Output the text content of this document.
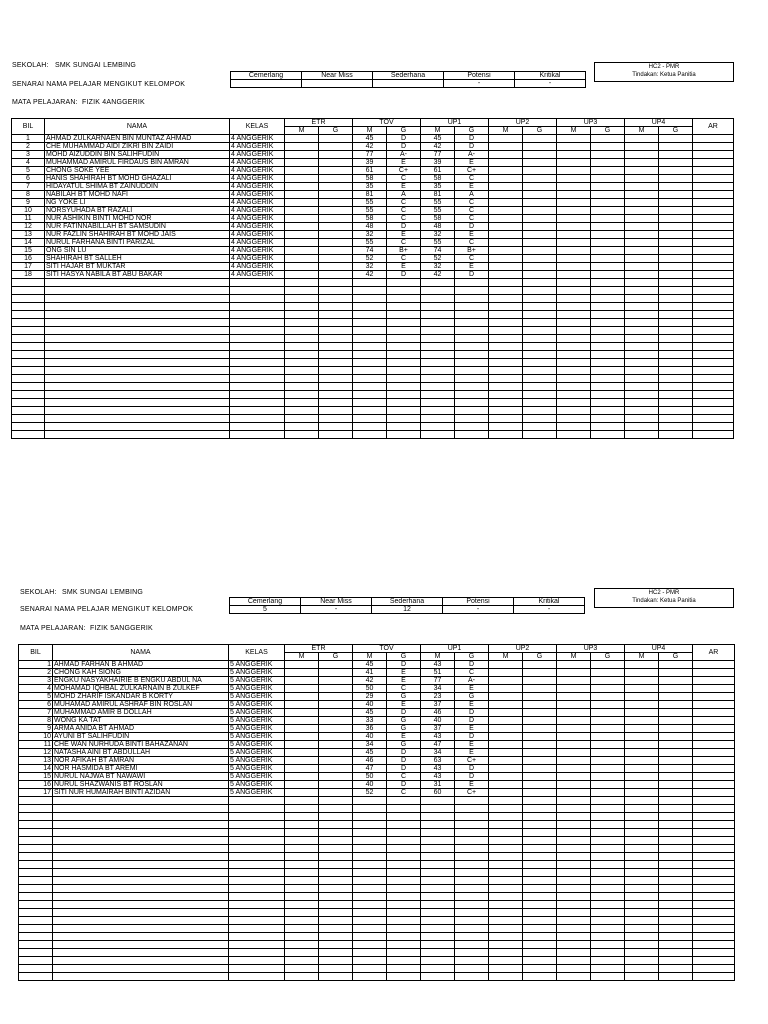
SEKOLAH: SMK SUNGAI LEMBING
SENARAI NAMA PELAJAR MENGIKUT KELOMPOK
MATA PELAJARAN: FIZIK 4ANGGERIK
Cemerlang	Near Miss	Sederhana	Potensi	Kritikal
			-	-
HC2 - PMR
Tindakan: Ketua Panitia
BIL	NAMA	KELAS	ETR		TOV		UP1		UP2		UP3		UP4		AR
			M	G	M	G	M	G	M	G	M	G	M	G	
1	AHMAD ZULKARNAEN BIN MUNTAZ AHMAD	4 ANGGERIK			45	D	45	D							
2	CHE MUHAMMAD AIDI ZIKRI BIN ZAIDI	4 ANGGERIK			42	D	42	D							
3	MOHD AIZUDDIN BIN SALIHFUDIN	4 ANGGERIK			77	A-	77	A-							
4	MUHAMMAD AMIRUL FIRDAUS BIN AMRAN	4 ANGGERIK			39	E	39	E							
5	CHONG SOKE YEE	4 ANGGERIK			61	C+	61	C+							
6	HANIS SHAHIRAH BT MOHD GHAZALI	4 ANGGERIK			58	C	58	C							
7	HIDAYATUL SHIMA BT ZAINUDDIN	4 ANGGERIK			35	E	35	E							
8	NABILAH BT MOHD NAFI	4 ANGGERIK			81	A	81	A							
9	NG YOKE LI	4 ANGGERIK			55	C	55	C							
10	NORSYUHADA BT RAZALI	4 ANGGERIK			55	C	55	C							
11	NUR ASHIKIN BINTI MOHD NOR	4 ANGGERIK			58	C	58	C							
12	NUR FATINNABILLAH BT SAMSUDIN	4 ANGGERIK			48	D	48	D							
13	NUR FAZLIN SHAHIRAH BT MOHD JAIS	4 ANGGERIK			32	E	32	E							
14	NURUL FARHANA BINTI PARIZAL	4 ANGGERIK			55	C	55	C							
15	ONG SIN LU	4 ANGGERIK			74	B+	74	B+							
16	SHAHIRAH BT SALLEH	4 ANGGERIK			52	C	52	C							
17	SITI HAJAR BT MUKTAR	4 ANGGERIK			32	E	32	E							
18	SITI HASYA NABILA BT ABU BAKAR	4 ANGGERIK			42	D	42	D							

SEKOLAH: SMK SUNGAI LEMBING
SENARAI NAMA PELAJAR MENGIKUT KELOMPOK
MATA PELAJARAN: FIZIK 5ANGGERIK
Cemerlang	Near Miss	Sederhana	Potensi	Kritikal
5	-	12	-	-
HC2 - PMR
Tindakan: Ketua Panitia
BIL	NAMA	KELAS	ETR		TOV		UP1		UP2		UP3		UP4		AR
			M	G	M	G	M	G	M	G	M	G	M	G	
1	AHMAD FARHAN B AHMAD	5 ANGGERIK			45	D	43	D							
2	CHONG KAH SIONG	5 ANGGERIK			41	E	51	C							
3	ENGKU NASYAKHAIRIE B ENGKU ABDUL NA	5 ANGGERIK			42	E	77	A-							
4	MOHAMAD IQHBAL ZULKARNAIN B ZULKEF	5 ANGGERIK			50	C	34	E							
5	MOHD ZHARIF ISKANDAR B KORTY	5 ANGGERIK			29	G	23	G							
6	MUHAMAD AMIRUL ASHRAF BIN ROSLAN	5 ANGGERIK			40	E	37	E							
7	MUHAMMAD AMIR B DOLLAH	5 ANGGERIK			45	D	46	D							
8	WONG KA TAT	5 ANGGERIK			33	G	40	D							
9	ARMA ANIDA BT AHMAD	5 ANGGERIK			36	G	37	E							
10	AYUNI BT SALIHFUDIN	5 ANGGERIK			40	E	43	D							
11	CHE WAN NURHUDA BINTI BAHAZANAN	5 ANGGERIK			34	G	47	E							
12	NATASHA AINI BT ABDULLAH	5 ANGGERIK			45	D	34	E							
13	NOR AFIKAH BT AMRAN	5 ANGGERIK			46	D	63	C+							
14	NOR HASMIDA BT AREMI	5 ANGGERIK			47	D	43	D							
15	NURUL NAJWA BT NAWAWI	5 ANGGERIK			50	C	43	D							
16	NURUL SHAZWANIS BT ROSLAN	5 ANGGERIK			40	D	31	E							
17	SITI NUR HUMAIRAH BINTI AZIDAN	5 ANGGERIK			52	C	60	C+							
